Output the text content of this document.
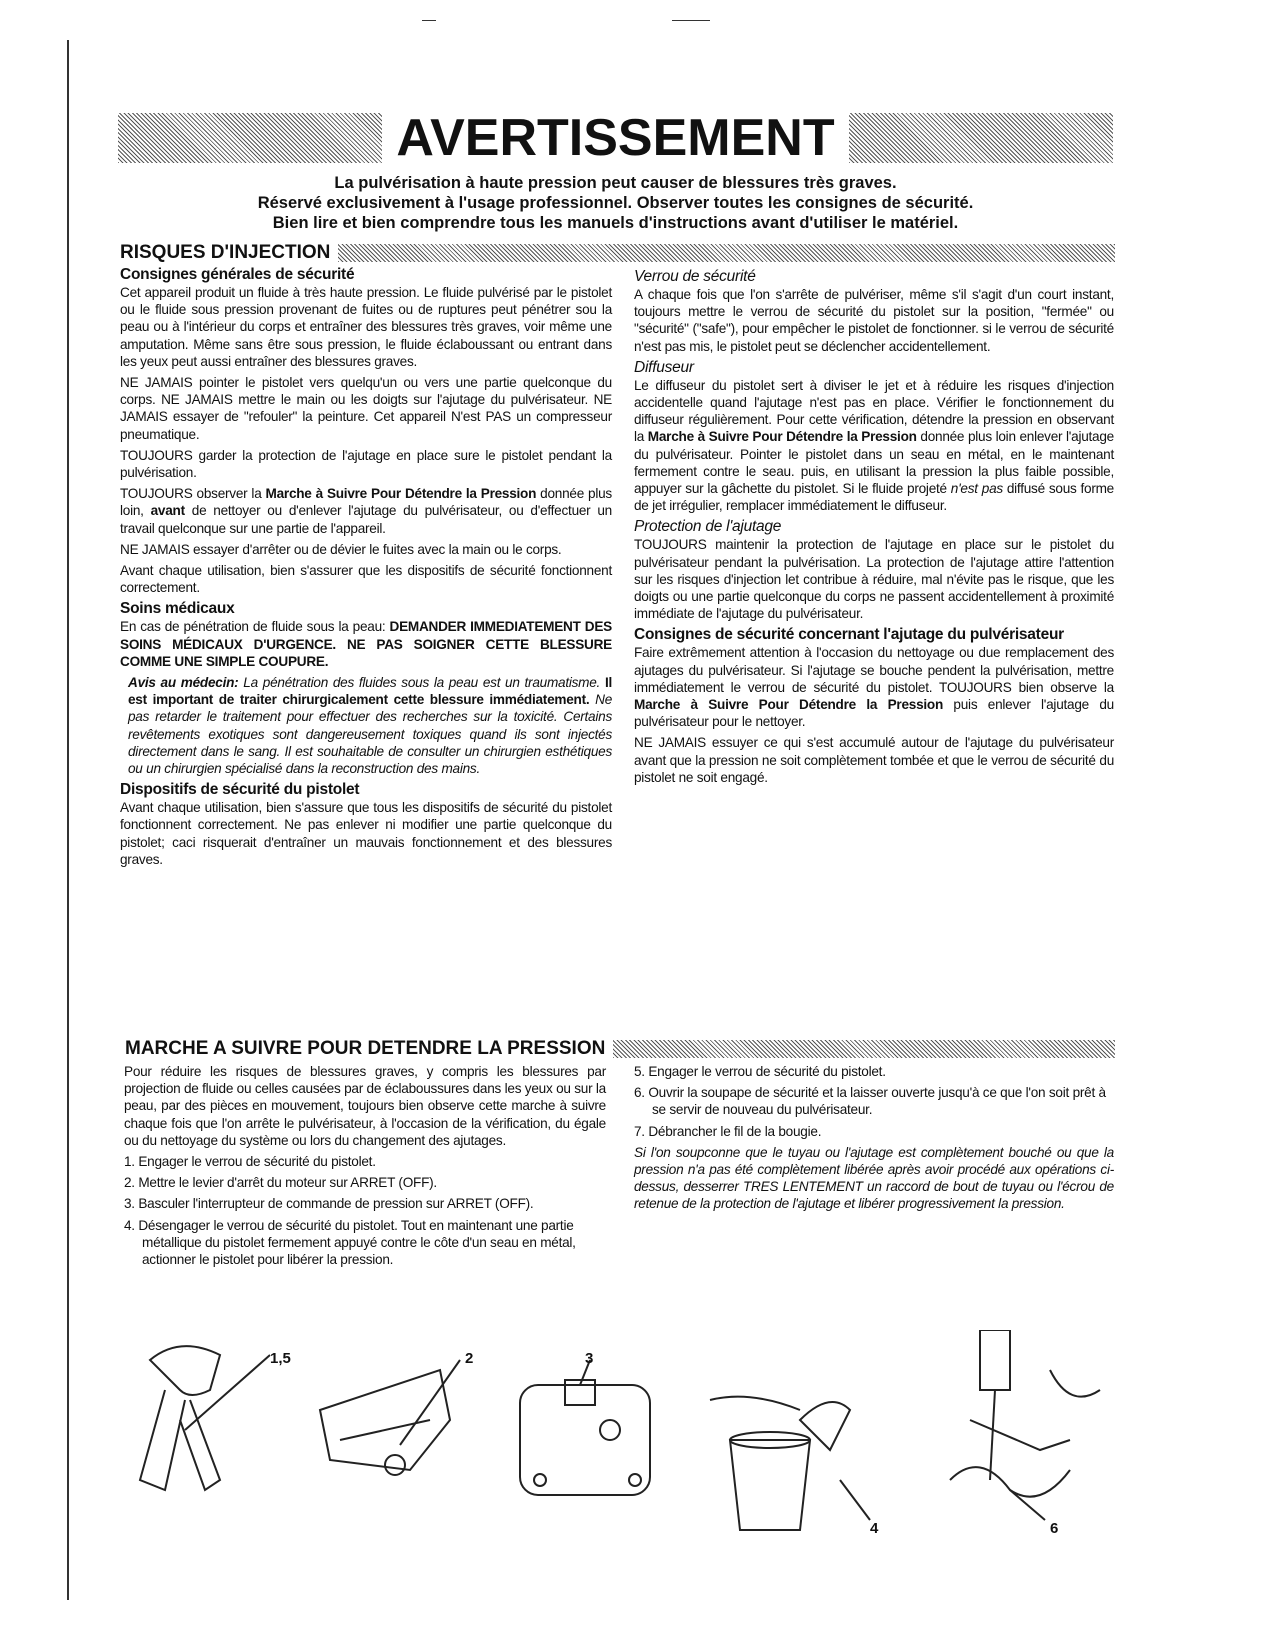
AVERTISSEMENT
La pulvérisation à haute pression peut causer de blessures très graves.
Réservé exclusivement à l'usage professionnel. Observer toutes les consignes de sécurité.
Bien lire et bien comprendre tous les manuels d'instructions avant d'utiliser le matériel.
RISQUES D'INJECTION
Consignes générales de sécurité

Cet appareil produit un fluide à très haute pression. Le fluide pulvérisé par le pistolet ou le fluide sous pression provenant de fuites ou de ruptures peut pénétrer sou la peau ou à l'intérieur du corps et entraîner des blessures très graves, voir même une amputation. Même sans être sous pression, le fluide éclaboussant ou entrant dans les yeux peut aussi entraîner des blessures graves.

NE JAMAIS pointer le pistolet vers quelqu'un ou vers une partie quelconque du corps. NE JAMAIS mettre le main ou les doigts sur l'ajutage du pulvérisateur. NE JAMAIS essayer de "refouler" la peinture. Cet appareil N'est PAS un compresseur pneumatique.

TOUJOURS garder la protection de l'ajutage en place sure le pistolet pendant la pulvérisation.

TOUJOURS observer la Marche à Suivre Pour Détendre la Pression donnée plus loin, avant de nettoyer ou d'enlever l'ajutage du pulvérisateur, ou d'effectuer un travail quelconque sur une partie de l'appareil.

NE JAMAIS essayer d'arrêter ou de dévier le fuites avec la main ou le corps.

Avant chaque utilisation, bien s'assurer que les dispositifs de sécurité fonctionnent correctement.

Soins médicaux

En cas de pénétration de fluide sous la peau: DEMANDER IMMEDIATEMENT DES SOINS MÉDICAUX D'URGENCE. NE PAS SOIGNER CETTE BLESSURE COMME UNE SIMPLE COUPURE.

Avis au médecin: La pénétration des fluides sous la peau est un traumatisme. Il est important de traiter chirurgicalement cette blessure immédiatement. Ne pas retarder le traitement pour effectuer des recherches sur la toxicité. Certains revêtements exotiques sont dangereusement toxiques quand ils sont injectés directement dans le sang. Il est souhaitable de consulter un chirurgien esthétiques ou un chirurgien spécialisé dans la reconstruction des mains.

Dispositifs de sécurité du pistolet

Avant chaque utilisation, bien s'assure que tous les dispositifs de sécurité du pistolet fonctionnent correctement. Ne pas enlever ni modifier une partie quelconque du pistolet; caci risquerait d'entraîner un mauvais fonctionnement et des blessures graves.

Verrou de sécurité

A chaque fois que l'on s'arrête de pulvériser, même s'il s'agit d'un court instant, toujours mettre le verrou de sécurité du pistolet sur la position, "fermée" ou "sécurité" ("safe"), pour empêcher le pistolet de fonctionner. si le verrou de sécurité n'est pas mis, le pistolet peut se déclencher accidentellement.

Diffuseur

Le diffuseur du pistolet sert à diviser le jet et à réduire les risques d'injection accidentelle quand l'ajutage n'est pas en place. Vérifier le fonctionnement du diffuseur régulièrement. Pour cette vérification, détendre la pression en observant la Marche à Suivre Pour Détendre la Pression donnée plus loin enlever l'ajutage du pulvérisateur. Pointer le pistolet dans un seau en métal, en le maintenant fermement contre le seau. puis, en utilisant la pression la plus faible possible, appuyer sur la gâchette du pistolet. Si le fluide projeté n'est pas diffusé sous forme de jet irrégulier, remplacer immédiatement le diffuseur.

Protection de l'ajutage

TOUJOURS maintenir la protection de l'ajutage en place sur le pistolet du pulvérisateur pendant la pulvérisation. La protection de l'ajutage attire l'attention sur les risques d'injection let contribue à réduire, mal n'évite pas le risque, que les doigts ou une partie quelconque du corps ne passent accidentellement à proximité immédiate de l'ajutage du pulvérisateur.

Consignes de sécurité concernant l'ajutage du pulvérisateur

Faire extrêmement attention à l'occasion du nettoyage ou due remplacement des ajutages du pulvérisateur. Si l'ajutage se bouche pendent la pulvérisation, mettre immédiatement le verrou de sécurité du pistolet. TOUJOURS bien observe la Marche à Suivre Pour Détendre la Pression puis enlever l'ajutage du pulvérisateur pour le nettoyer.

NE JAMAIS essuyer ce qui s'est accumulé autour de l'ajutage du pulvérisateur avant que la pression ne soit complètement tombée et que le verrou de sécurité du pistolet ne soit engagé.

MARCHE A SUIVRE POUR DETENDRE LA PRESSION

Pour réduire les risques de blessures graves, y compris les blessures par projection de fluide ou celles causées par de éclaboussures dans les yeux ou sur la peau, par des pièces en mouvement, toujours bien observe cette marche à suivre chaque fois que l'on arrête le pulvérisateur, à l'occasion de la vérification, du égale ou du nettoyage du système ou lors du changement des ajutages.

1. Engager le verrou de sécurité du pistolet.
2. Mettre le levier d'arrêt du moteur sur ARRET (OFF).
3. Basculer l'interrupteur de commande de pression sur ARRET (OFF).
4. Désengager le verrou de sécurité du pistolet. Tout en maintenant une partie métallique du pistolet fermement appuyé contre le côte d'un seau en métal, actionner le pistolet pour libérer la pression.
5. Engager le verrou de sécurité du pistolet.
6. Ouvrir la soupape de sécurité et la laisser ouverte jusqu'à ce que l'on soit prêt à se servir de nouveau du pulvérisateur.
7. Débrancher le fil de la bougie.

Si l'on soupconne que le tuyau ou l'ajutage est complètement bouché ou que la pression n'a pas été complètement libérée après avoir procédé aux opérations ci-dessus, desserrer TRES LENTEMENT un raccord de bout de tuyau ou l'écrou de retenue de la protection de l'ajutage et libérer progressivement la pression.

1,5	2	3
4	6
